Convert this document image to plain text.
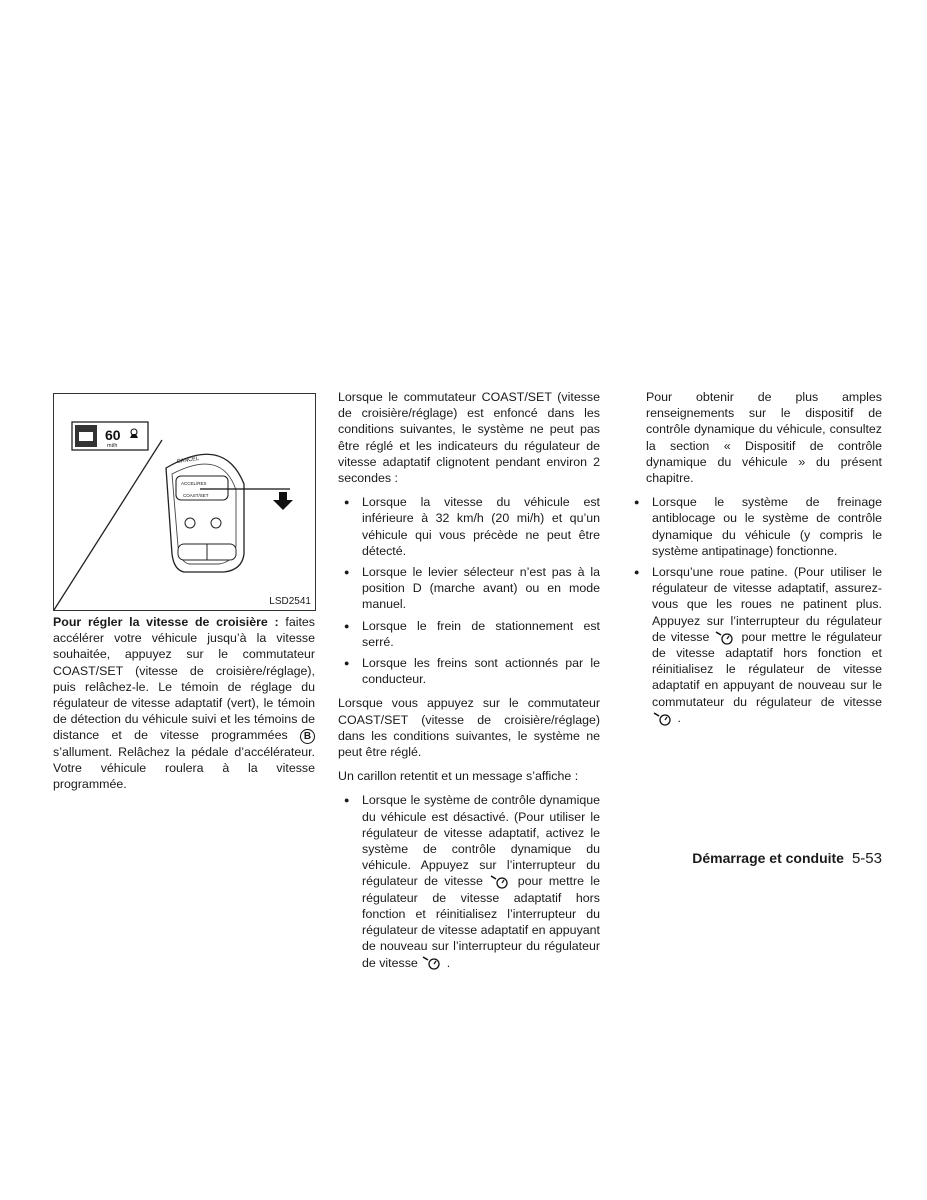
60
mi/h
CANCEL
ACCEL/RES
COAST/SET
LSD2541

Pour régler la vitesse de croisière : faites accélérer votre véhicule jusqu’à la vitesse souhaitée, appuyez sur le commutateur COAST/SET (vitesse de croisière/réglage), puis relâchez-le. Le témoin de réglage du régulateur de vitesse adaptatif (vert), le témoin de détection du véhicule suivi et les témoins de distance et de vitesse programmées B s’allument. Relâchez la pédale d’accélérateur. Votre véhicule roulera à la vitesse programmée.

Lorsque le commutateur COAST/SET (vitesse de croisière/réglage) est enfoncé dans les conditions suivantes, le système ne peut pas être réglé et les indicateurs du régulateur de vitesse adaptatif clignotent pendant environ 2 secondes :

● Lorsque la vitesse du véhicule est inférieure à 32 km/h (20 mi/h) et qu’un véhicule qui vous précède ne peut être détecté.
● Lorsque le levier sélecteur n’est pas à la position D (marche avant) ou en mode manuel.
● Lorsque le frein de stationnement est serré.
● Lorsque les freins sont actionnés par le conducteur.

Lorsque vous appuyez sur le commutateur COAST/SET (vitesse de croisière/réglage) dans les conditions suivantes, le système ne peut être réglé.

Un carillon retentit et un message s’affiche :

● Lorsque le système de contrôle dynamique du véhicule est désactivé. (Pour utiliser le régulateur de vitesse adaptatif, activez le système de contrôle dynamique du véhicule. Appuyez sur l’interrupteur du régulateur de vitesse	pour mettre le régulateur de vitesse adaptatif hors fonction et réinitialisez l’interrupteur du régulateur de vitesse adaptatif en appuyant de nouveau sur l’interrupteur du régulateur de vitesse .

Pour obtenir de plus amples renseignements sur le dispositif de contrôle dynamique du véhicule, consultez la section « Dispositif de contrôle dynamique du véhicule » du présent chapitre.

● Lorsque le système de freinage antiblocage ou le système de contrôle dynamique du véhicule (y compris le système antipatinage) fonctionne.
● Lorsqu’une roue patine. (Pour utiliser le régulateur de vitesse adaptatif, assurez-vous que les roues ne patinent plus. Appuyez sur l’interrupteur du régulateur de vitesse	pour mettre le régulateur de vitesse adaptatif hors fonction et réinitialisez le régulateur de vitesse adaptatif en appuyant de nouveau sur le commutateur du régulateur de vitesse  .
Démarrage et conduite 5-53
